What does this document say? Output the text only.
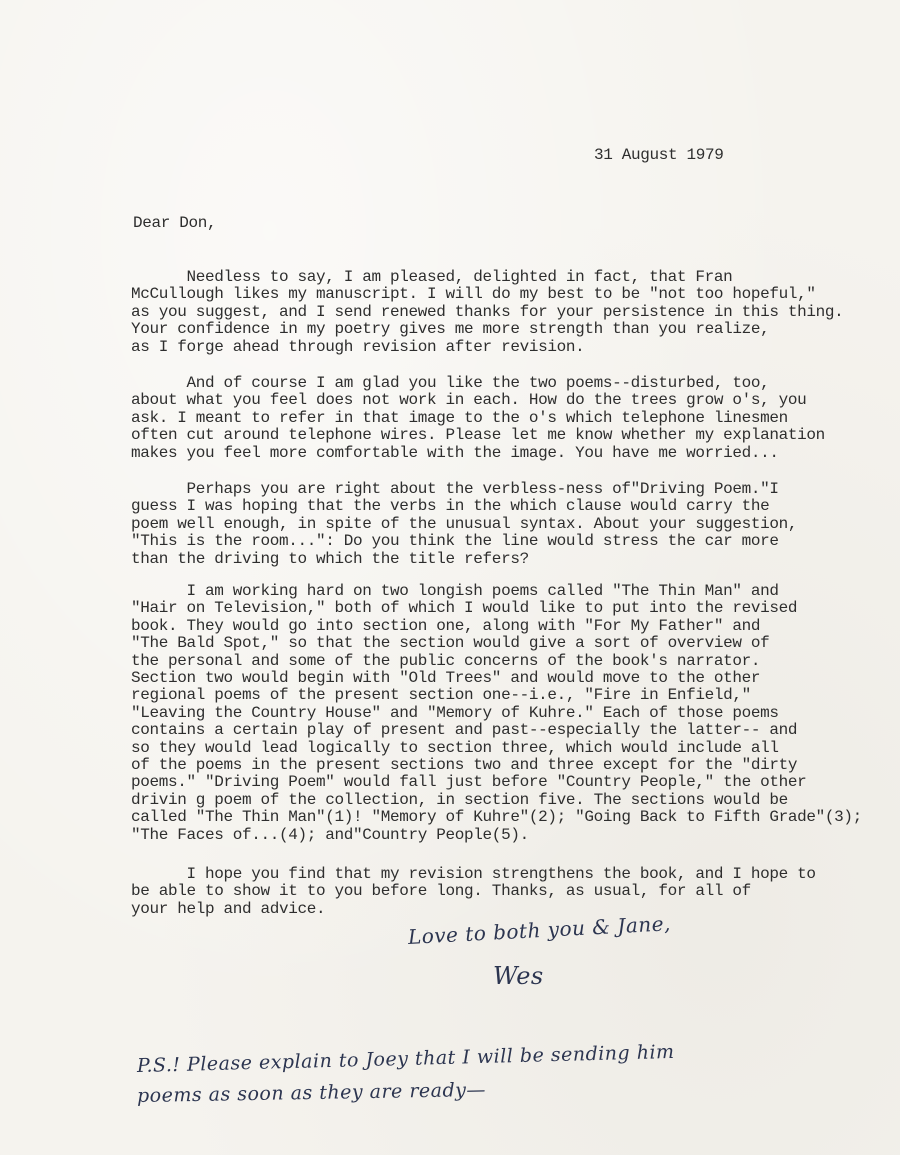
31 August 1979
Dear Don,
Needless to say, I am pleased, delighted in fact, that Fran
McCullough likes my manuscript. I will do my best to be "not too hopeful,"
as you suggest, and I send renewed thanks for your persistence in this thing.
Your confidence in my poetry gives me more strength than you realize,
as I forge ahead through revision after revision.
And of course I am glad you like the two poems--disturbed, too,
about what you feel does not work in each. How do the trees grow o's, you
ask. I meant to refer in that image to the o's which telephone linesmen
often cut around telephone wires. Please let me know whether my explanation
makes you feel more comfortable with the image. You have me worried...
Perhaps you are right about the verbless-ness of"Driving Poem."I
guess I was hoping that the verbs in the which clause would carry the
poem well enough, in spite of the unusual syntax. About your suggestion,
"This is the room...": Do you think the line would stress the car more
than the driving to which the title refers?
I am working hard on two longish poems called "The Thin Man" and
"Hair on Television," both of which I would like to put into the revised
book. They would go into section one, along with "For My Father" and
"The Bald Spot," so that the section would give a sort of overview of
the personal and some of the public concerns of the book's narrator.
Section two would begin with "Old Trees" and would move to the other
regional poems of the present section one--i.e., "Fire in Enfield,"
"Leaving the Country House" and "Memory of Kuhre." Each of those poems
contains a certain play of present and past--especially the latter-- and
so they would lead logically to section three, which would include all
of the poems in the present sections two and three except for the "dirty
poems." "Driving Poem" would fall just before "Country People," the other
drivin g poem of the collection, in section five. The sections would be
called "The Thin Man"(1)! "Memory of Kuhre"(2); "Going Back to Fifth Grade"(3);
"The Faces of...(4); and"Country People(5).
I hope you find that my revision strengthens the book, and I hope to
be able to show it to you before long. Thanks, as usual, for all of
your help and advice.
Love to both you & Jane,
Wes
P.S.! Please explain to Joey that I will be sending him
poems as soon as they are ready—
